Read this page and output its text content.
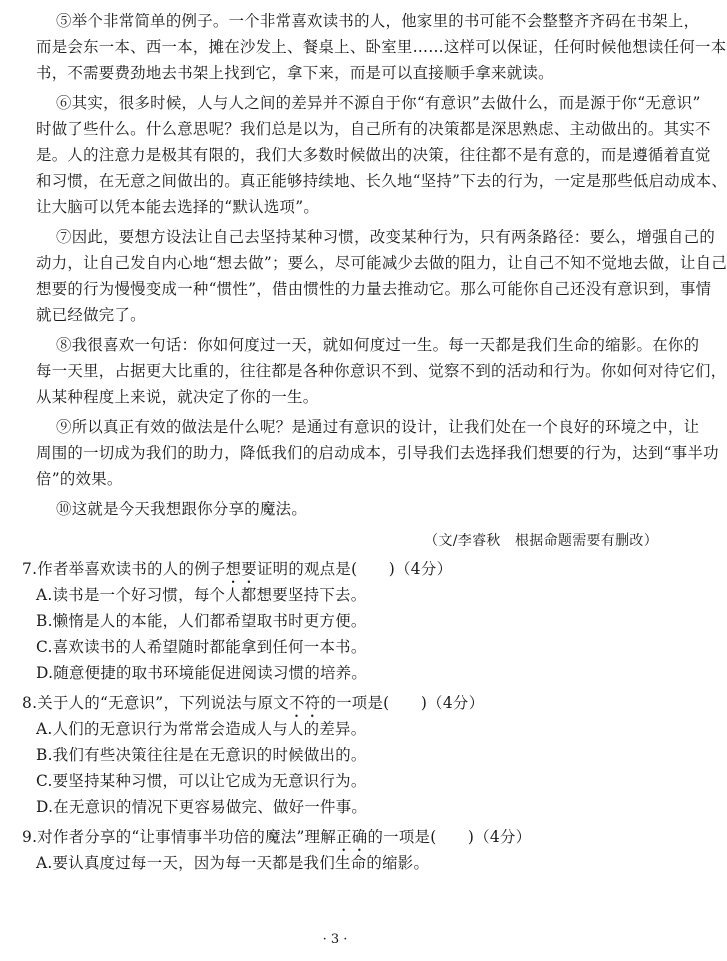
⑤举个非常简单的例子。一个非常喜欢读书的人，他家里的书可能不会整整齐齐码在书架上，
而是会东一本、西一本，摊在沙发上、餐桌上、卧室里……这样可以保证，任何时候他想读任何一本
书，不需要费劲地去书架上找到它，拿下来，而是可以直接顺手拿来就读。
⑥其实，很多时候，人与人之间的差异并不源自于你“有意识”去做什么，而是源于你“无意识”
时做了些什么。什么意思呢？我们总是以为，自己所有的决策都是深思熟虑、主动做出的。其实不
是。人的注意力是极其有限的，我们大多数时候做出的决策，往往都不是有意的，而是遵循着直觉
和习惯，在无意之间做出的。真正能够持续地、长久地“坚持”下去的行为，一定是那些低启动成本、
让大脑可以凭本能去选择的“默认选项”。
⑦因此，要想方设法让自己去坚持某种习惯，改变某种行为，只有两条路径：要么，增强自己的
动力，让自己发自内心地“想去做”；要么，尽可能减少去做的阻力，让自己不知不觉地去做，让自己
想要的行为慢慢变成一种“惯性”，借由惯性的力量去推动它。那么可能你自己还没有意识到，事情
就已经做完了。
⑧我很喜欢一句话：你如何度过一天，就如何度过一生。每一天都是我们生命的缩影。在你的
每一天里，占据更大比重的，往往都是各种你意识不到、觉察不到的活动和行为。你如何对待它们，
从某种程度上来说，就决定了你的一生。
⑨所以真正有效的做法是什么呢？是通过有意识的设计，让我们处在一个良好的环境之中，让
周围的一切成为我们的助力，降低我们的启动成本，引导我们去选择我们想要的行为，达到“事半功
倍”的效果。
⑩这就是今天我想跟你分享的魔法。
（文/李睿秋　根据命题需要有删改）
7.作者举喜欢读书的人的例子想要证明的观点是(　　)（4分）
A.读书是一个好习惯，每个人都想要坚持下去。
B.懒惰是人的本能，人们都希望取书时更方便。
C.喜欢读书的人希望随时都能拿到任何一本书。
D.随意便捷的取书环境能促进阅读习惯的培养。
8.关于人的“无意识”，下列说法与原文不符的一项是(　　)（4分）
A.人们的无意识行为常常会造成人与人的差异。
B.我们有些决策往往是在无意识的时候做出的。
C.要坚持某种习惯，可以让它成为无意识行为。
D.在无意识的情况下更容易做完、做好一件事。
9.对作者分享的“让事情事半功倍的魔法”理解正确的一项是(　　)（4分）
A.要认真度过每一天，因为每一天都是我们生命的缩影。
· 3 ·
